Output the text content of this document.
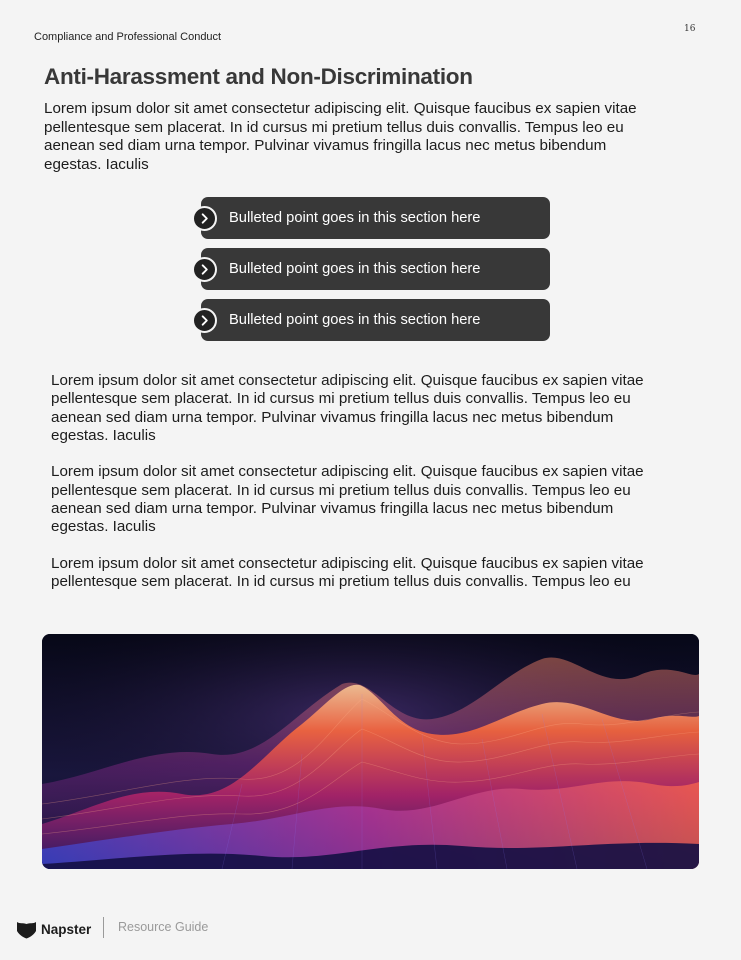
Compliance and Professional Conduct
16
Anti-Harassment and Non-Discrimination

Lorem ipsum dolor sit amet consectetur adipiscing elit. Quisque faucibus ex sapien vitae pellentesque sem placerat. In id cursus mi pretium tellus duis convallis. Tempus leo eu aenean sed diam urna tempor. Pulvinar vivamus fringilla lacus nec metus bibendum egestas. Iaculis

Bulleted point goes in this section here
Bulleted point goes in this section here
Bulleted point goes in this section here

Lorem ipsum dolor sit amet consectetur adipiscing elit. Quisque faucibus ex sapien vitae pellentesque sem placerat. In id cursus mi pretium tellus duis convallis. Tempus leo eu aenean sed diam urna tempor. Pulvinar vivamus fringilla lacus nec metus bibendum egestas. Iaculis

Lorem ipsum dolor sit amet consectetur adipiscing elit. Quisque faucibus ex sapien vitae pellentesque sem placerat. In id cursus mi pretium tellus duis convallis. Tempus leo eu aenean sed diam urna tempor. Pulvinar vivamus fringilla lacus nec metus bibendum egestas. Iaculis

Lorem ipsum dolor sit amet consectetur adipiscing elit. Quisque faucibus ex sapien vitae pellentesque sem placerat. In id cursus mi pretium tellus duis convallis. Tempus leo eu

Napster Resource Guide
